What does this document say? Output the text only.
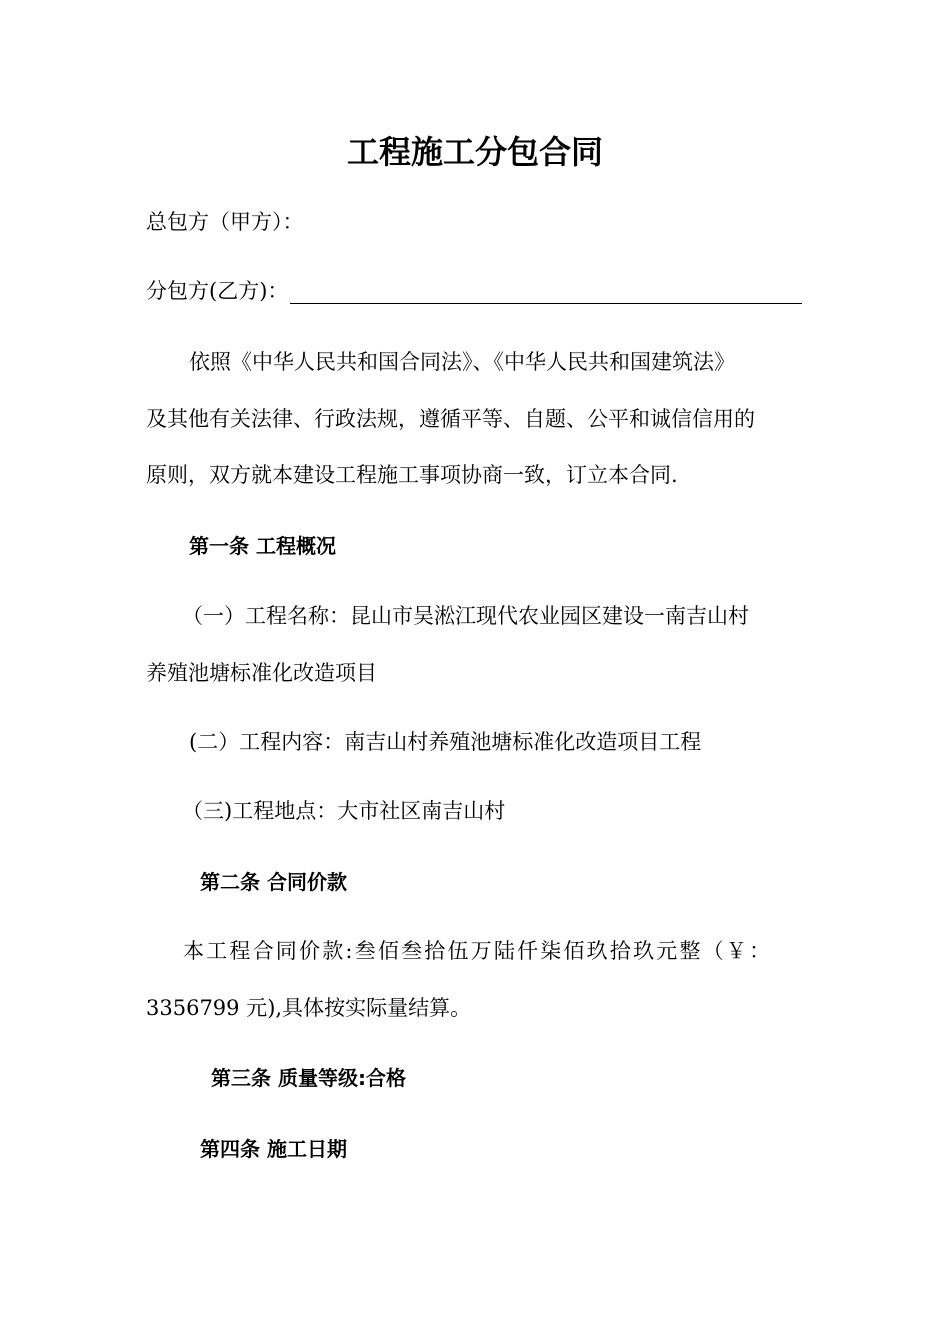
工程施工分包合同

总包方（甲方）：

分包方(乙方)：

依照《中华人民共和国合同法》、《中华人民共和国建筑法》

及其他有关法律、行政法规，遵循平等、自题、公平和诚信信用的

原则，双方就本建设工程施工事项协商一致，订立本合同.

第一条 工程概况

（一）工程名称：昆山市吴淞江现代农业园区建设一南吉山村

养殖池塘标准化改造项目

(二）工程内容：南吉山村养殖池塘标准化改造项目工程

（三)工程地点：大市社区南吉山村

第二条 合同价款

本工程合同价款:叁佰叁拾伍万陆仟柒佰玖拾玖元整（￥：

3356799 元),具体按实际量结算。

第三条 质量等级:合格

第四条 施工日期
